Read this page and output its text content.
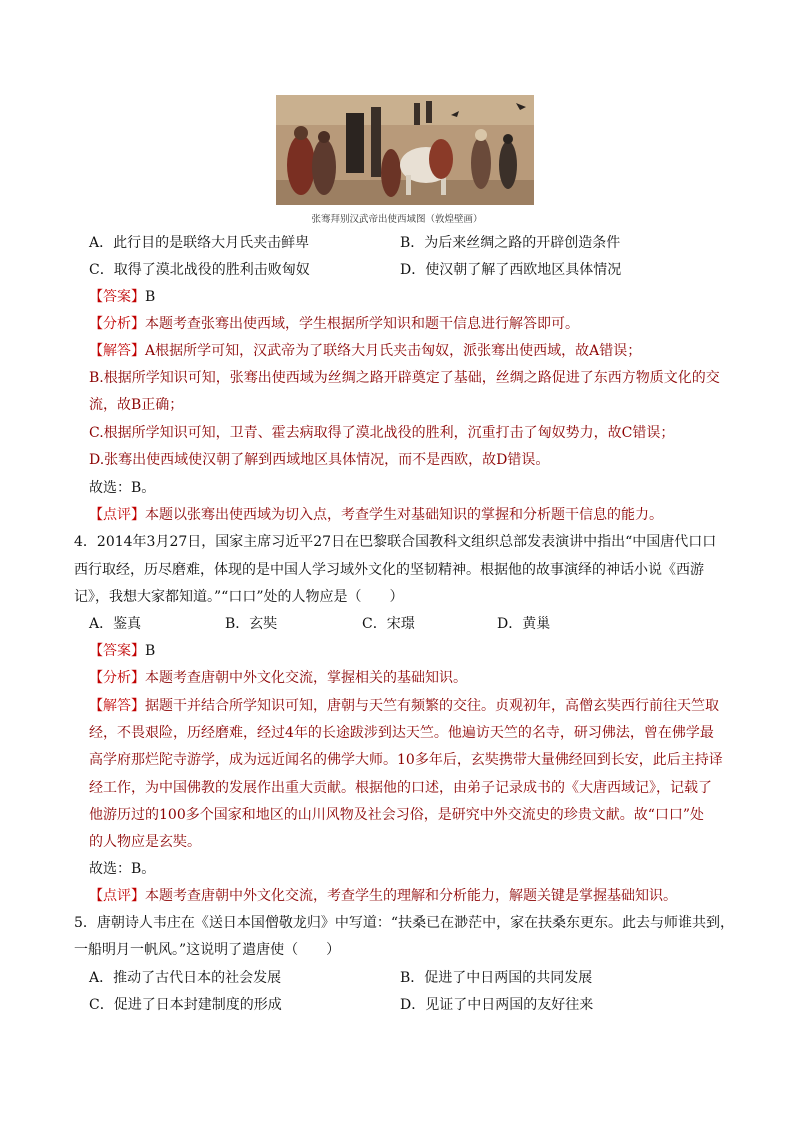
张骞拜别汉武帝出使西域图（敦煌壁画）
A．此行目的是联络大月氏夹击鲜卑	B．为后来丝绸之路的开辟创造条件
C．取得了漠北战役的胜利击败匈奴	D．使汉朝了解了西欧地区具体情况
【答案】B
【分析】本题考查张骞出使西域，学生根据所学知识和题干信息进行解答即可。
【解答】A根据所学可知，汉武帝为了联络大月氏夹击匈奴，派张骞出使西域，故A错误；
B.根据所学知识可知，张骞出使西域为丝绸之路开辟奠定了基础，丝绸之路促进了东西方物质文化的交
流，故B正确；
C.根据所学知识可知，卫青、霍去病取得了漠北战役的胜利，沉重打击了匈奴势力，故C错误；
D.张骞出使西域使汉朝了解到西域地区具体情况，而不是西欧，故D错误。
故选：B。
【点评】本题以张骞出使西域为切入点，考查学生对基础知识的掌握和分析题干信息的能力。
4．2014年3月27日，国家主席习近平27日在巴黎联合国教科文组织总部发表演讲中指出“中国唐代口口
西行取经，历尽磨难，体现的是中国人学习域外文化的坚韧精神。根据他的故事演绎的神话小说《西游
记》，我想大家都知道。”“口口”处的人物应是（　　）
A．鉴真	B．玄奘	C．宋璟	D．黄巢
【答案】B
【分析】本题考查唐朝中外文化交流，掌握相关的基础知识。
【解答】据题干并结合所学知识可知，唐朝与天竺有频繁的交往。贞观初年，高僧玄奘西行前往天竺取
经，不畏艰险，历经磨难，经过4年的长途跋涉到达天竺。他遍访天竺的名寺，研习佛法，曾在佛学最
高学府那烂陀寺游学，成为远近闻名的佛学大师。10多年后，玄奘携带大量佛经回到长安，此后主持译
经工作，为中国佛教的发展作出重大贡献。根据他的口述，由弟子记录成书的《大唐西域记》，记载了
他游历过的100多个国家和地区的山川风物及社会习俗，是研究中外交流史的珍贵文献。故“口口”处
的人物应是玄奘。
故选：B。
【点评】本题考查唐朝中外文化交流，考查学生的理解和分析能力，解题关键是掌握基础知识。
5．唐朝诗人韦庄在《送日本国僧敬龙归》中写道：“扶桑已在渺茫中，家在扶桑东更东。此去与师谁共到，
一船明月一帆风。”这说明了遣唐使（　　）
A．推动了古代日本的社会发展	B．促进了中日两国的共同发展
C．促进了日本封建制度的形成	D．见证了中日两国的友好往来
